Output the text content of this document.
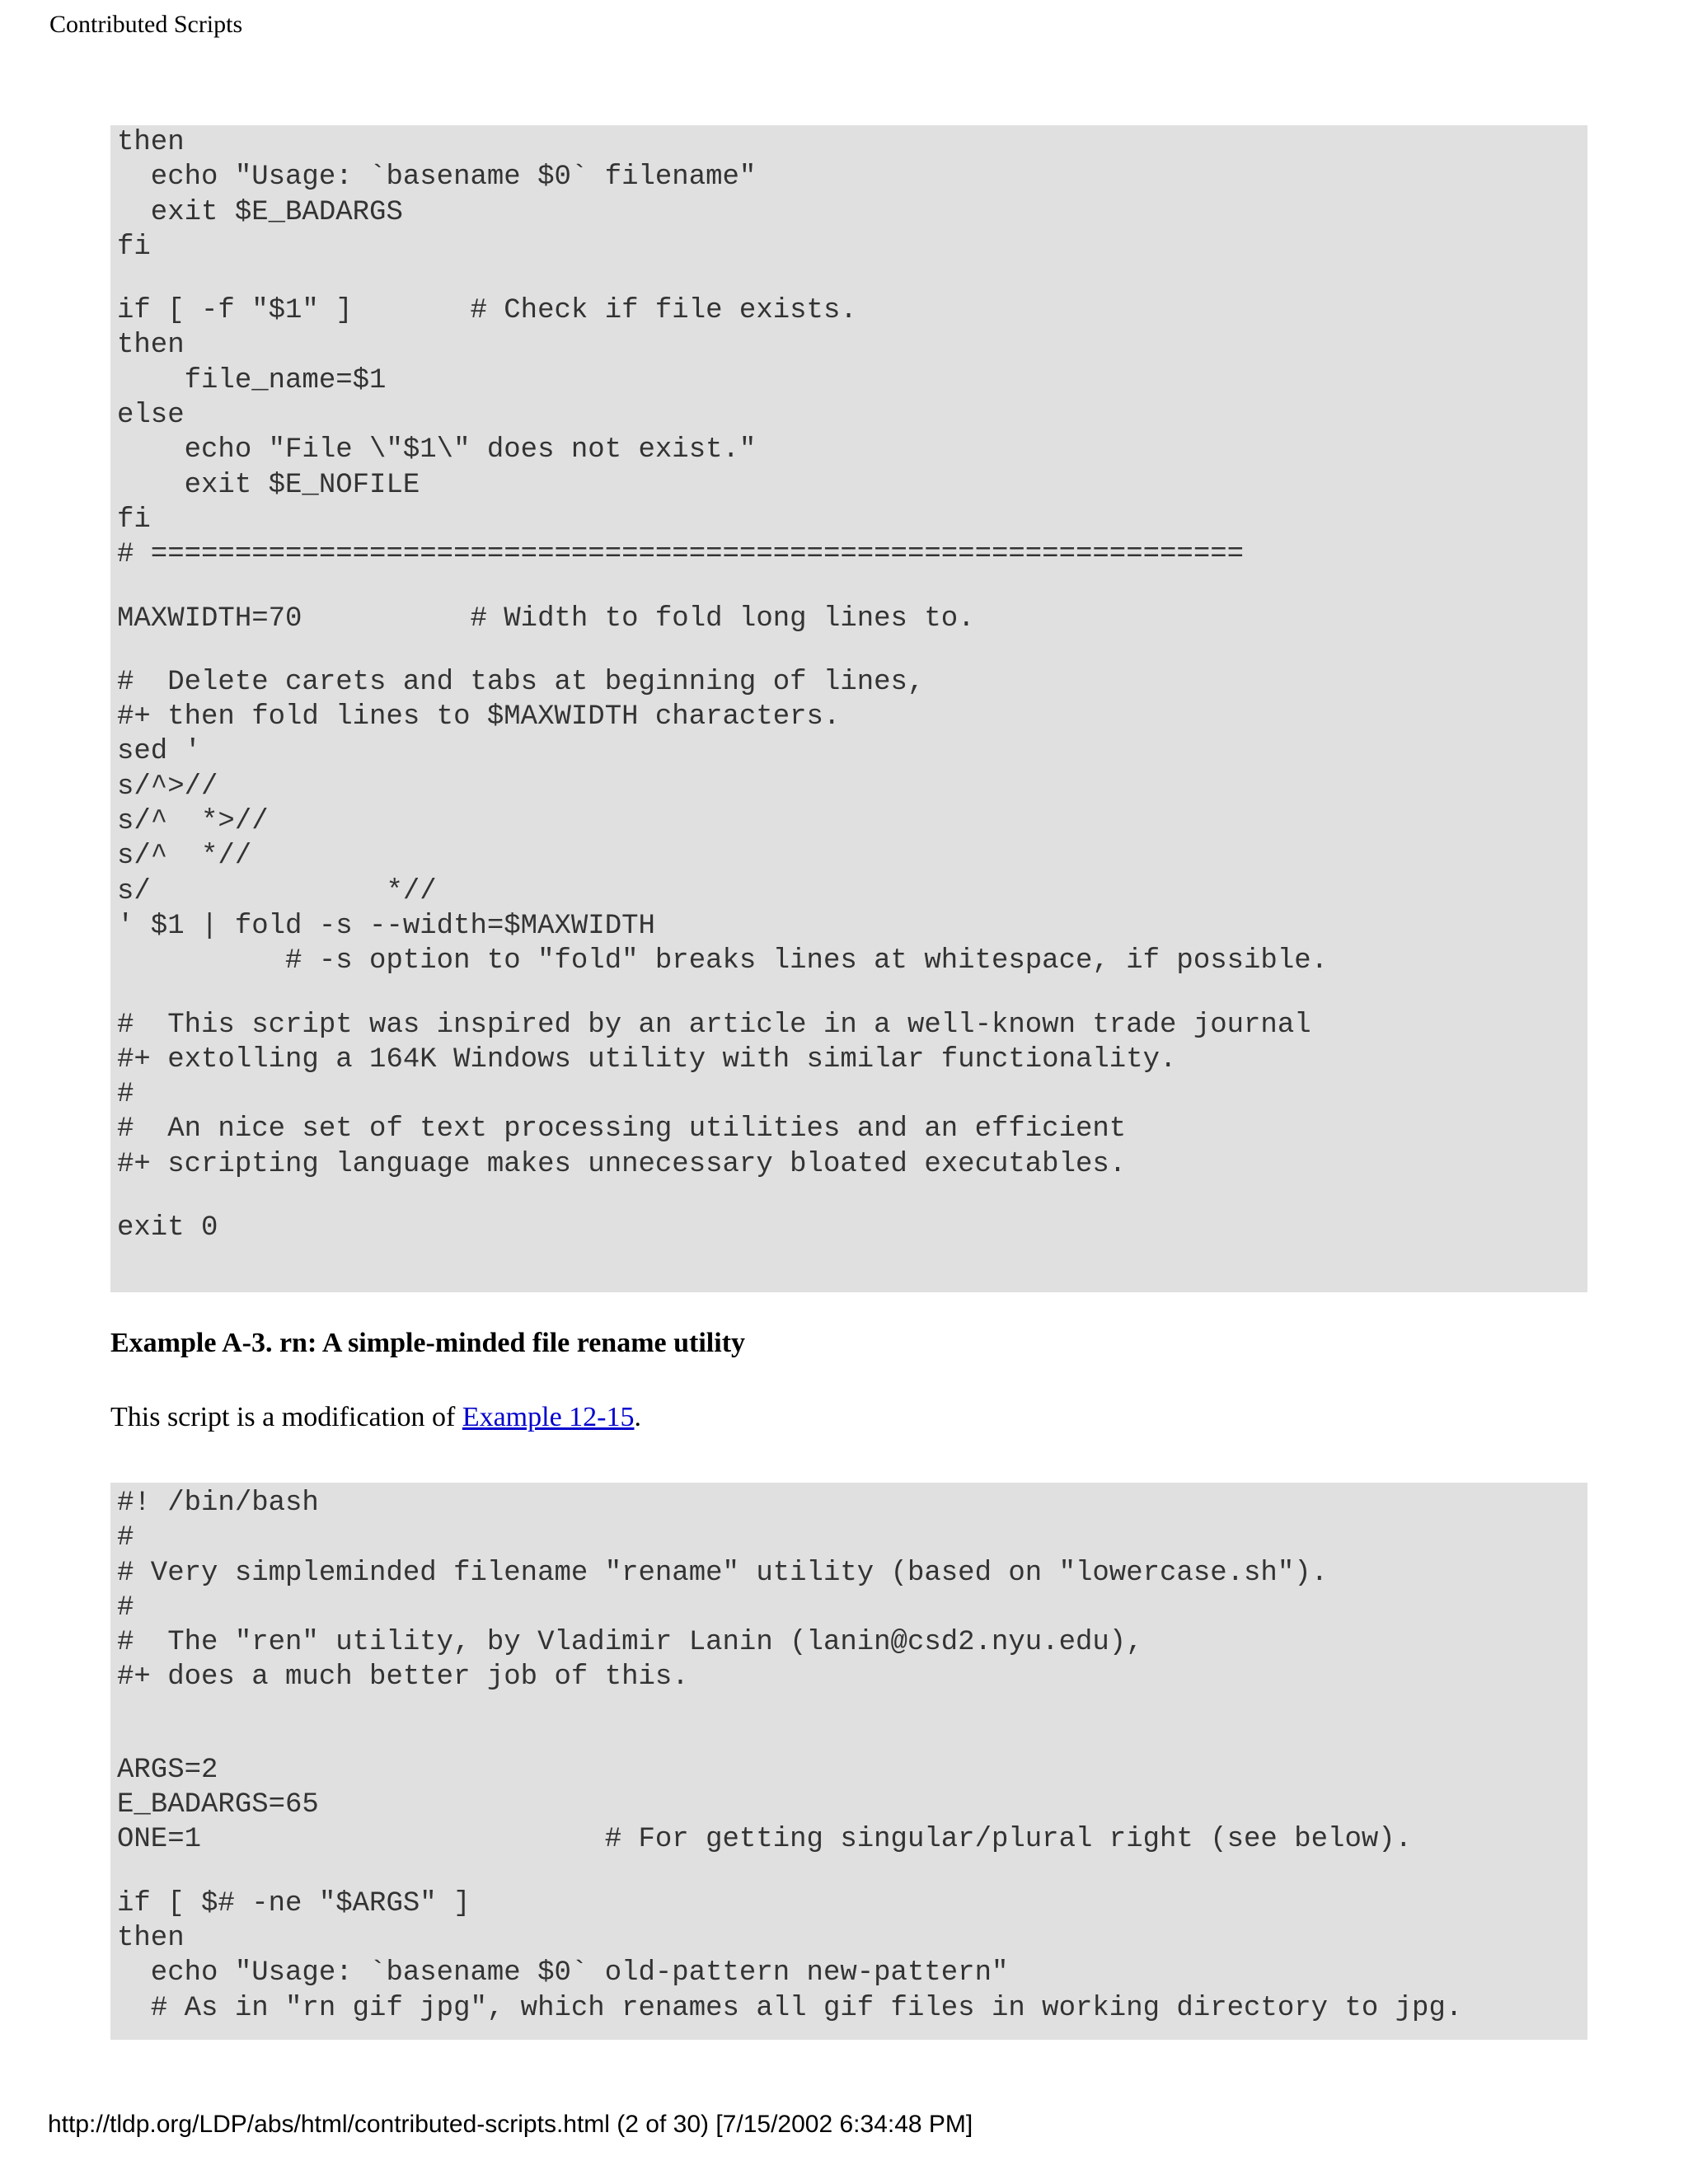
Contributed Scripts
then
echo "Usage: `basename $0` filename"
exit $E_BADARGS
fi
if [ -f "$1" ]       # Check if file exists.
then
file_name=$1
else
echo "File \"$1\" does not exist."
exit $E_NOFILE
fi
# =================================================================
MAXWIDTH=70          # Width to fold long lines to.
#  Delete carets and tabs at beginning of lines,
#+ then fold lines to $MAXWIDTH characters.
sed '
s/^>//
s/^  *>//
s/^  *//
s/		*//
' $1 | fold -s --width=$MAXWIDTH
# -s option to "fold" breaks lines at whitespace, if possible.
#  This script was inspired by an article in a well-known trade journal
#+ extolling a 164K Windows utility with similar functionality.
#
#  An nice set of text processing utilities and an efficient
#+ scripting language makes unnecessary bloated executables.
exit 0
Example A-3. rn: A simple-minded file rename utility
This script is a modification of Example 12-15.
#! /bin/bash
#
# Very simpleminded filename "rename" utility (based on "lowercase.sh").
#
#  The "ren" utility, by Vladimir Lanin (lanin@csd2.nyu.edu),
#+ does a much better job of this.
ARGS=2
E_BADARGS=65
ONE=1                        # For getting singular/plural right (see below).
if [ $# -ne "$ARGS" ]
then
echo "Usage: `basename $0` old-pattern new-pattern"
# As in "rn gif jpg", which renames all gif files in working directory to jpg.
http://tldp.org/LDP/abs/html/contributed-scripts.html (2 of 30) [7/15/2002 6:34:48 PM]
